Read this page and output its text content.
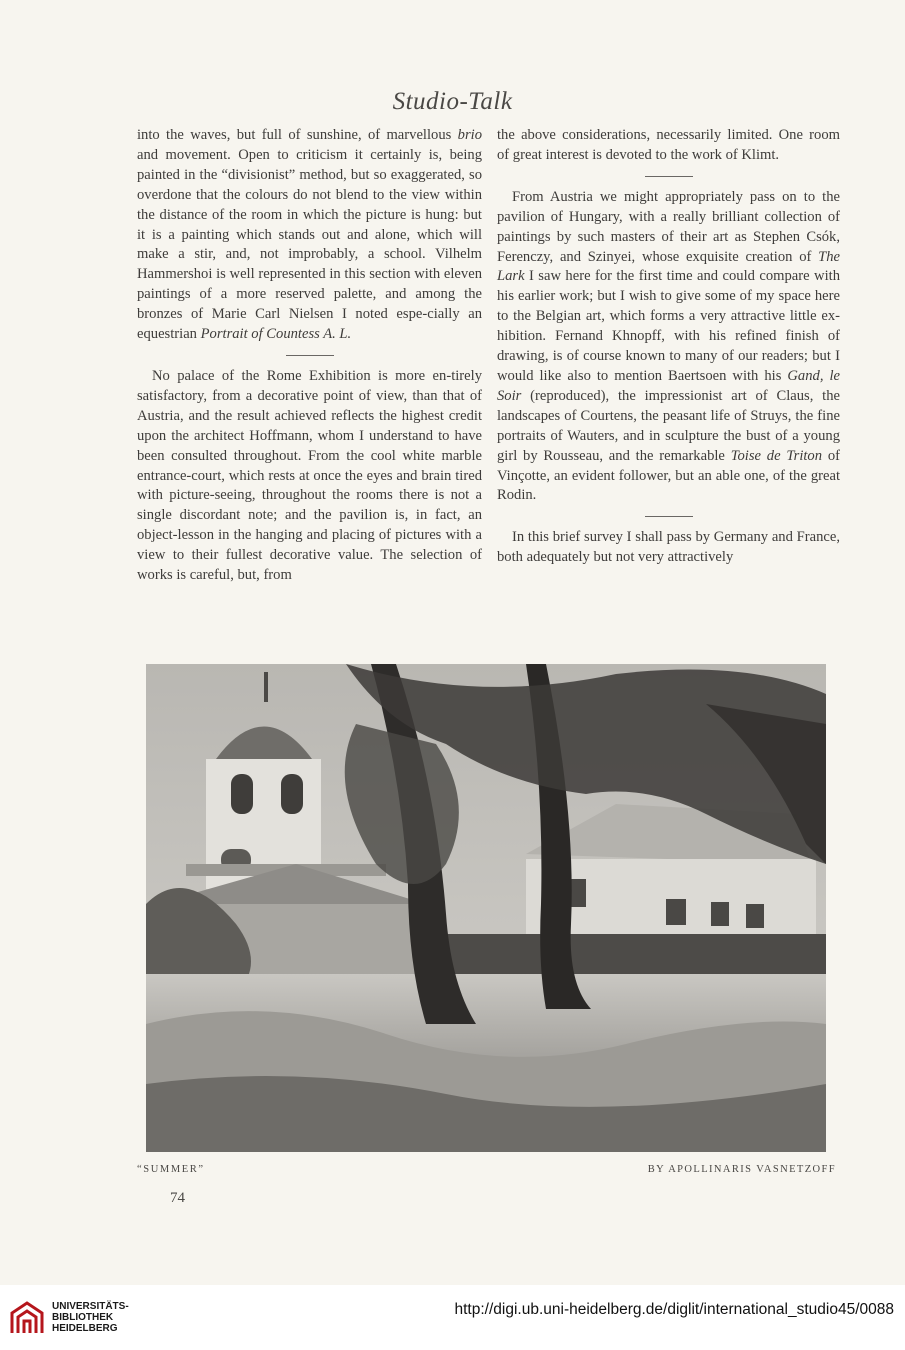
Studio-Talk

into the waves, but full of sunshine, of marvellous brio and movement. Open to criticism it certainly is, being painted in the “divisionist” method, but so exaggerated, so overdone that the colours do not blend to the view within the distance of the room in which the picture is hung: but it is a painting which stands out and alone, which will make a stir, and, not improbably, a school. Vilhelm Hammershoi is well represented in this section with eleven paintings of a more reserved palette, and among the bronzes of Marie Carl Nielsen I noted espe-cially an equestrian Portrait of Countess A. L.

No palace of the Rome Exhibition is more en-tirely satisfactory, from a decorative point of view, than that of Austria, and the result achieved reflects the highest credit upon the architect Hoffmann, whom I understand to have been consulted throughout. From the cool white marble entrance-court, which rests at once the eyes and brain tired with picture-seeing, throughout the rooms there is not a single discordant note; and the pavilion is, in fact, an object-lesson in the hanging and placing of pictures with a view to their fullest decorative value. The selection of works is careful, but, from

the above considerations, necessarily limited. One room of great interest is devoted to the work of Klimt.

From Austria we might appropriately pass on to the pavilion of Hungary, with a really brilliant collection of paintings by such masters of their art as Stephen Csók, Ferenczy, and Szinyei, whose exquisite creation of The Lark I saw here for the first time and could compare with his earlier work; but I wish to give some of my space here to the Belgian art, which forms a very attractive little ex-hibition. Fernand Khnopff, with his refined finish of drawing, is of course known to many of our readers; but I would like also to mention Baertsoen with his Gand, le Soir (reproduced), the impressionist art of Claus, the landscapes of Courtens, the peasant life of Struys, the fine portraits of Wauters, and in sculpture the bust of a young girl by Rousseau, and the remarkable Toise de Triton of Vinçotte, an evident follower, but an able one, of the great Rodin.

In this brief survey I shall pass by Germany and France, both adequately but not very attractively

“SUMMER”	BY APOLLINARIS VASNETZOFF
74
UNIVERSITÄTS-
BIBLIOTHEK
HEIDELBERG
http://digi.ub.uni-heidelberg.de/diglit/international_studio45/0088
